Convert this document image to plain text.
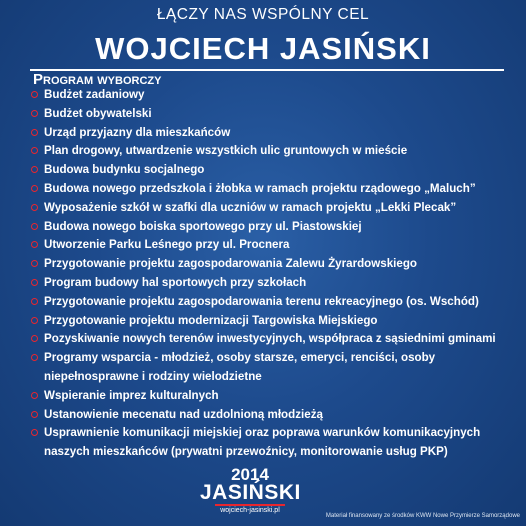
ŁĄCZY NAS WSPÓLNY CEL
WOJCIECH JASIŃSKI
Program wyborczy
Budżet zadaniowy
Budżet obywatelski
Urząd przyjazny dla mieszkańców
Plan drogowy, utwardzenie wszystkich ulic gruntowych w mieście
Budowa budynku socjalnego
Budowa nowego przedszkola i żłobka w ramach projektu rządowego „Maluch”
Wyposażenie szkół w szafki dla uczniów w ramach projektu „Lekki Plecak”
Budowa nowego boiska sportowego przy ul. Piastowskiej
Utworzenie Parku Leśnego przy ul. Procnera
Przygotowanie projektu zagospodarowania Zalewu Żyrardowskiego
Program budowy hal sportowych przy szkołach
Przygotowanie projektu zagospodarowania terenu rekreacyjnego (os. Wschód)
Przygotowanie projektu modernizacji Targowiska Miejskiego
Pozyskiwanie nowych terenów inwestycyjnych, współpraca z sąsiednimi gminami
Programy wsparcia - młodzież, osoby starsze, emeryci, renciści, osoby niepełnosprawne i rodziny wielodzietne
Wspieranie imprez kulturalnych
Ustanowienie mecenatu nad uzdolnioną młodzieżą
Usprawnienie komunikacji miejskiej oraz poprawa warunków komunikacyjnych naszych mieszkańców (prywatni przewoźnicy, monitorowanie usług PKP)
2014
JASIŃSKI
wojciech-jasinski.pl
Materiał finansowany ze środków KWW Nowe Przymierze Samorządowe
